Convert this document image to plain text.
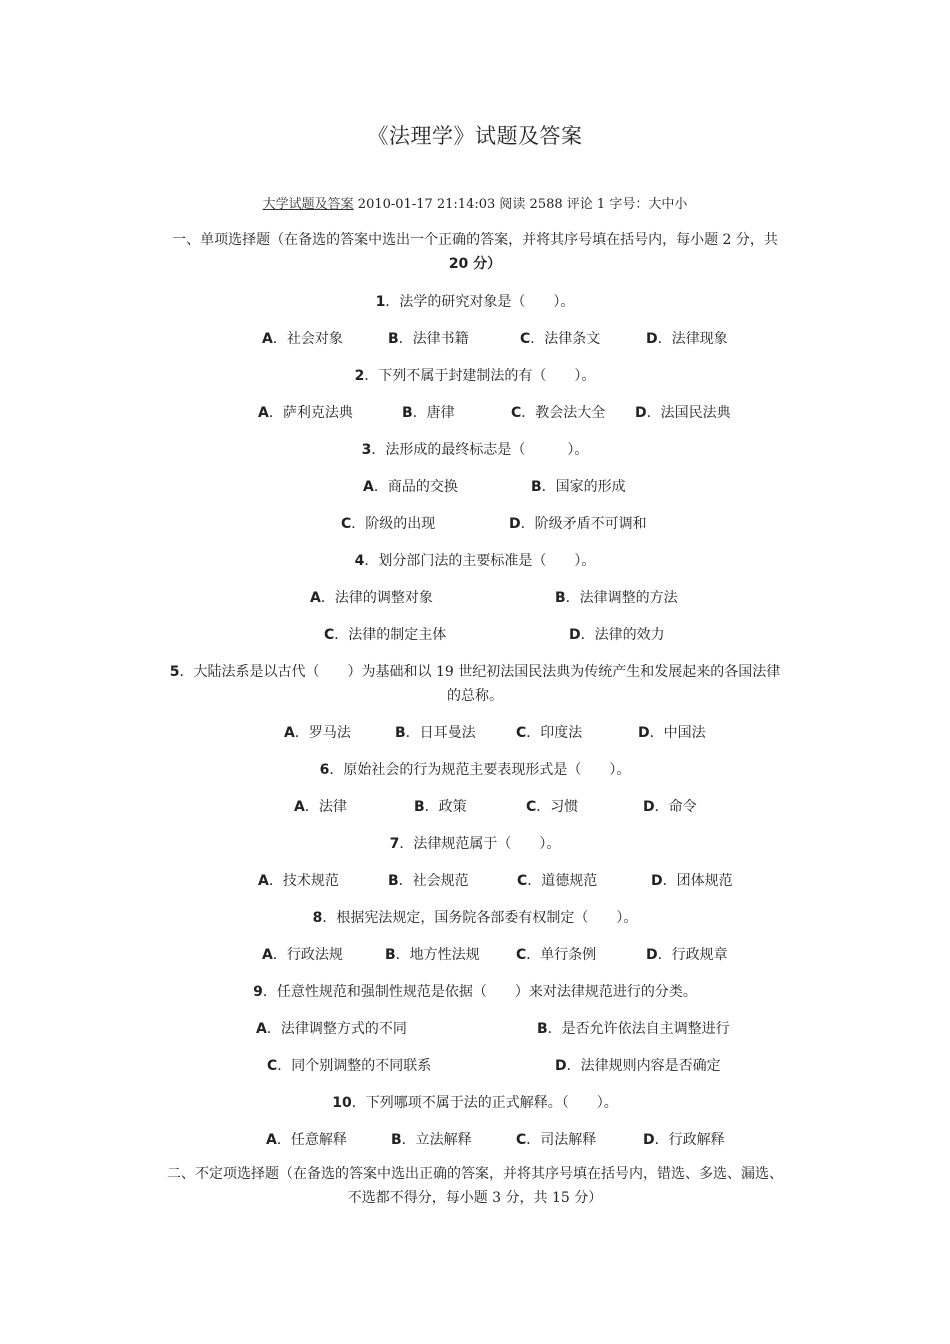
《法理学》试题及答案
大学试题及答案 2010-01-17 21:14:03 阅读 2588 评论 1 字号：大中小
一、单项选择题（在备选的答案中选出一个正确的答案，并将其序号填在括号内，每小题 2 分，共
20 分）
1．法学的研究对象是（　　）。
A．社会对象	B．法律书籍	C．法律条文	D．法律现象
2．下列不属于封建制法的有（　　）。
A．萨利克法典	B．唐律	C．教会法大全 D．法国民法典
3．法形成的最终标志是（　　　）。
A．商品的交换	B．国家的形成
C．阶级的出现	D．阶级矛盾不可调和
4．划分部门法的主要标准是（　　）。
A．法律的调整对象	B．法律调整的方法
C．法律的制定主体	D．法律的效力
5．大陆法系是以古代（　　）为基础和以 19 世纪初法国民法典为传统产生和发展起来的各国法律
的总称。
A．罗马法	B．日耳曼法	C．印度法	D．中国法
6．原始社会的行为规范主要表现形式是（　　）。
A．法律	B．政策	C．习惯	D．命令
7．法律规范属于（　　）。
A．技术规范	B．社会规范	C．道德规范	D．团体规范
8．根据宪法规定，国务院各部委有权制定（　　）。
A．行政法规	B．地方性法规	C．单行条例	D．行政规章
9．任意性规范和强制性规范是依据（　　）来对法律规范进行的分类。
A．法律调整方式的不同	B．是否允许依法自主调整进行
C．同个别调整的不同联系	D．法律规则内容是否确定
10．下列哪项不属于法的正式解释。（　　）。
A．任意解释	B．立法解释	C．司法解释	D．行政解释
二、不定项选择题（在备选的答案中选出正确的答案，并将其序号填在括号内，错选、多选、漏选、
不选都不得分，每小题 3 分，共 15 分）
